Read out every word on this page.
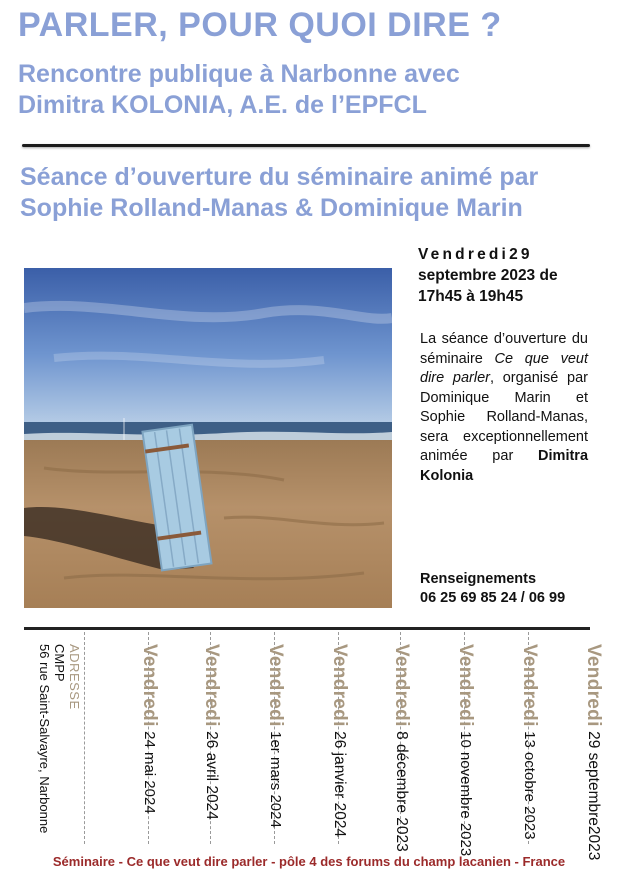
PARLER, POUR QUOI DIRE ?
Rencontre publique à Narbonne avec
Dimitra KOLONIA, A.E. de l’EPFCL
Séance d’ouverture du séminaire animé par
Sophie Rolland-Manas & Dominique Marin
Vendredi29
septembre 2023 de
17h45 à 19h45
La séance d’ouverture du séminaire Ce que veut dire parler, organisé par Dominique Marin et Sophie Rolland-Manas, sera exceptionnellement animée par Dimitra Kolonia
Renseignements
06 25 69 85 24 / 06 99
Vendredi 29 septembre2023
Vendredi 13 octobre 2023
Vendredi 10 novembre 2023
Vendredi 8 décembre 2023
Vendredi 26 janvier 2024
Vendredi 1er mars 2024
Vendredi 26 avril 2024
Vendredi 24 mai 2024
ADRESSE
CMPP
56 rue Saint-Salvayre, Narbonne
Séminaire - Ce que veut dire parler - pôle 4 des forums du champ lacanien - France
